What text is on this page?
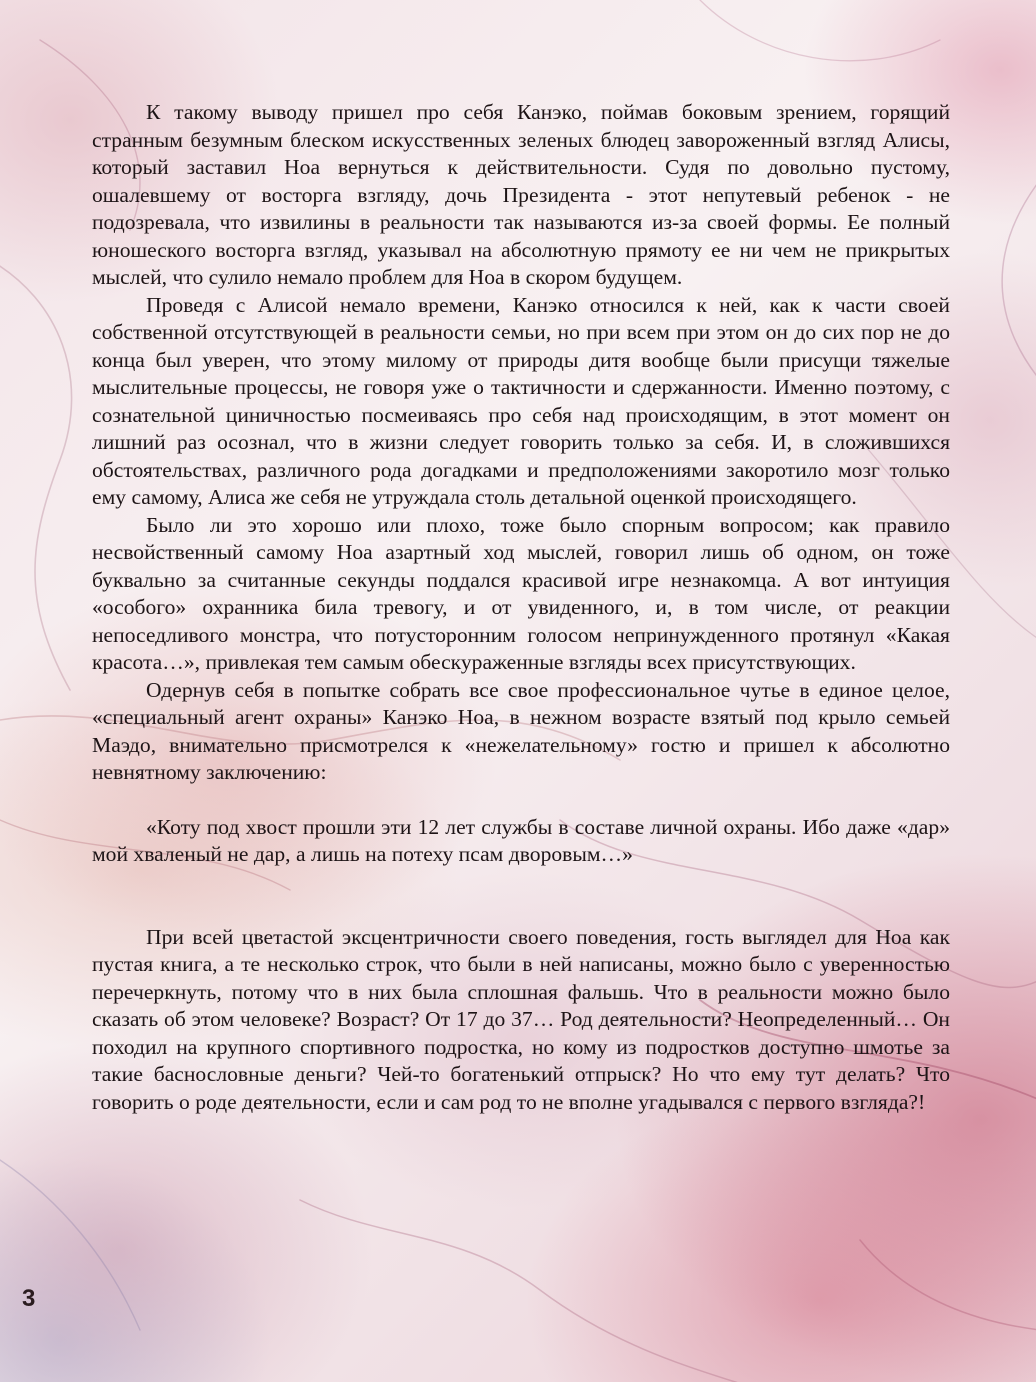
К такому выводу пришел про себя Канэко, поймав боковым зрением, горящий странным безумным блеском искусственных зеленых блюдец завороженный взгляд Алисы, который заставил Ноа вернуться к действительности. Судя по довольно пустому, ошалевшему от восторга взгляду, дочь Президента - этот непутевый ребенок - не подозревала, что извилины в реальности так называются из-за своей формы. Ее полный юношеского восторга взгляд, указывал на абсолютную прямоту ее ни чем не прикрытых мыслей, что сулило немало проблем для Ноа в скором будущем.

Проведя с Алисой немало времени, Канэко относился к ней, как к части своей собственной отсутствующей в реальности семьи, но при всем при этом он до сих пор не до конца был уверен, что этому милому от природы дитя вообще были присущи тяжелые мыслительные процессы, не говоря уже о тактичности и сдержанности. Именно поэтому, с сознательной циничностью посмеиваясь про себя над происходящим, в этот момент он лишний раз осознал, что в жизни следует говорить только за себя. И, в сложившихся обстоятельствах, различного рода догадками и предположениями закоротило мозг только ему самому, Алиса же себя не утруждала столь детальной оценкой происходящего.

Было ли это хорошо или плохо, тоже было спорным вопросом; как правило несвойственный самому Ноа азартный ход мыслей, говорил лишь об одном, он тоже буквально за считанные секунды поддался красивой игре незнакомца. А вот интуиция «особого» охранника била тревогу, и от увиденного, и, в том числе, от реакции непоседливого монстра, что потусторонним голосом непринужденного протянул «Какая красота…», привлекая тем самым обескураженные взгляды всех присутствующих.

Одернув себя в попытке собрать все свое профессиональное чутье в единое целое, «специальный агент охраны» Канэко Ноа, в нежном возрасте взятый под крыло семьей Маэдо, внимательно присмотрелся к «нежелательному» гостю и пришел к абсолютно невнятному заключению:

«Коту под хвост прошли эти 12 лет службы в составе личной охраны. Ибо даже «дар» мой хваленый не дар, а лишь на потеху псам дворовым…»

При всей цветастой эксцентричности своего поведения, гость выглядел для Ноа как пустая книга, а те несколько строк, что были в ней написаны, можно было с уверенностью перечеркнуть, потому что в них была сплошная фальшь. Что в реальности можно было сказать об этом человеке? Возраст? От 17 до 37… Род деятельности? Неопределенный… Он походил на крупного спортивного подростка, но кому из подростков доступно шмотье за такие баснословные деньги? Чей-то богатенький отпрыск? Но что ему тут делать? Что говорить о роде деятельности, если и сам род то не вполне угадывался с первого взгляда?!

3
